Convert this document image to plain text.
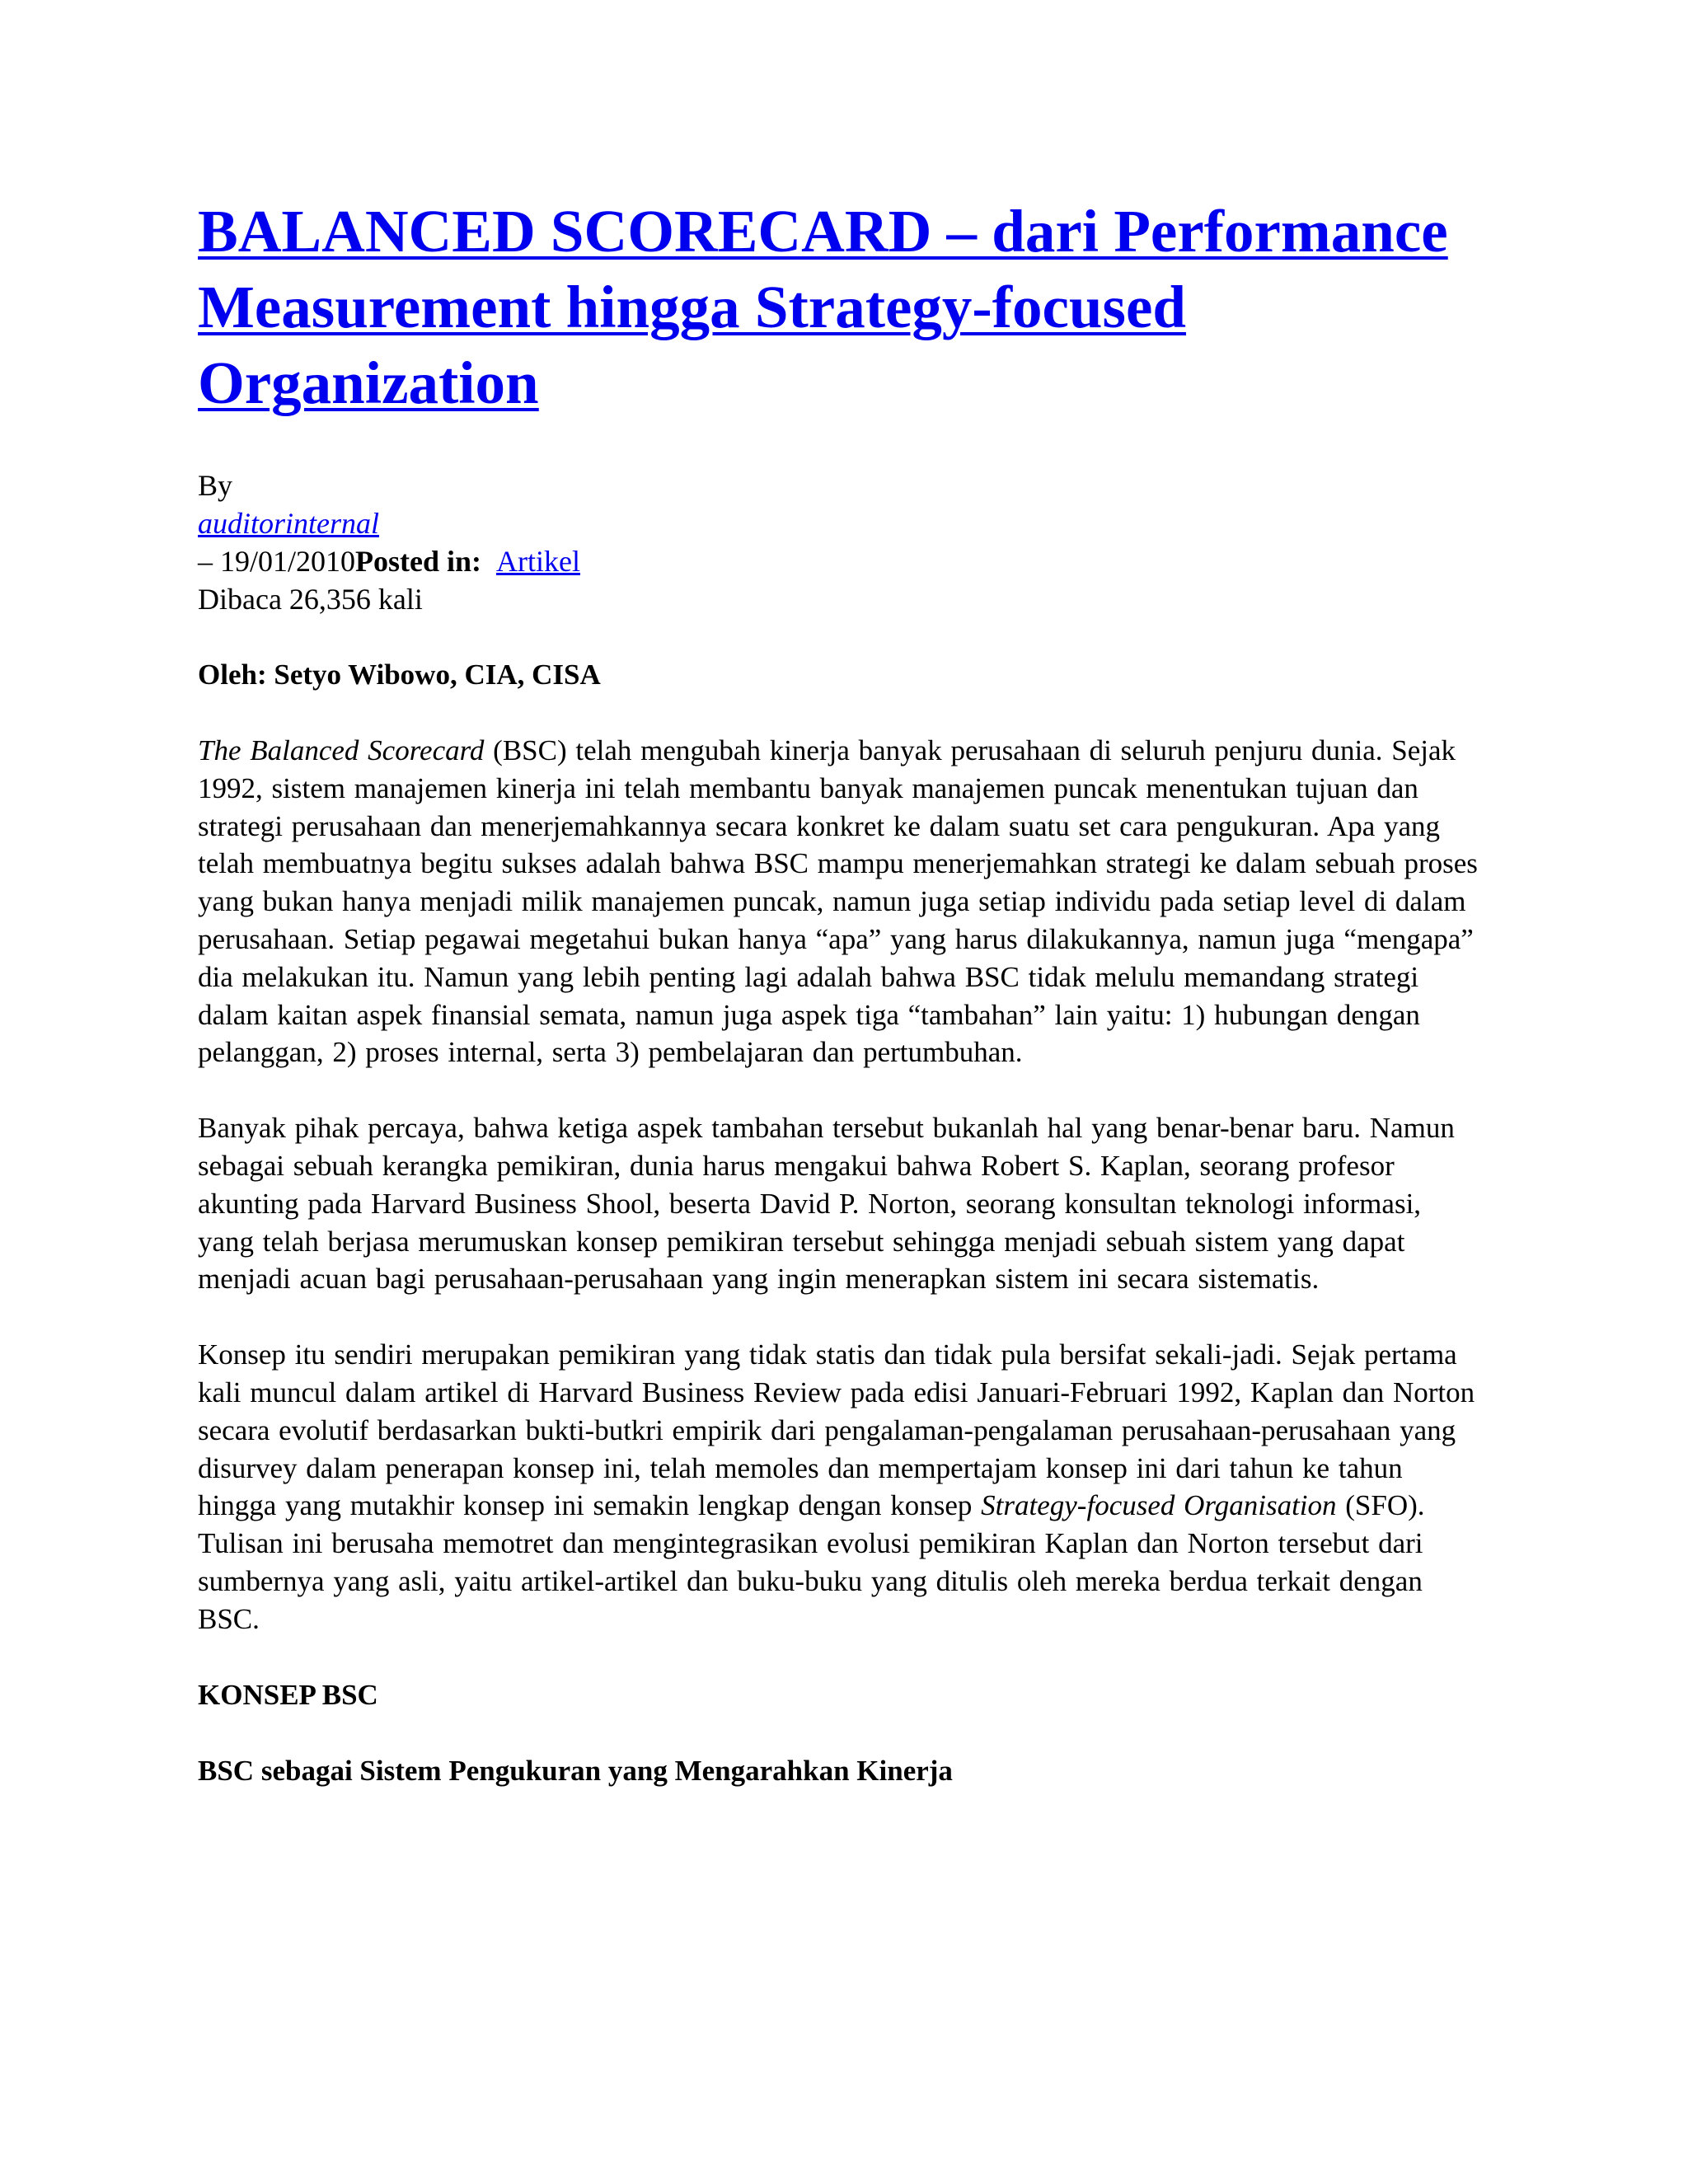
BALANCED SCORECARD – dari Performance Measurement hingga Strategy-focused Organization
By
auditorinternal
– 19/01/2010Posted in: Artikel
Dibaca 26,356 kali
Oleh: Setyo Wibowo, CIA, CISA

The Balanced Scorecard (BSC) telah mengubah kinerja banyak perusahaan di seluruh penjuru dunia. Sejak 1992, sistem manajemen kinerja ini telah membantu banyak manajemen puncak menentukan tujuan dan strategi perusahaan dan menerjemahkannya secara konkret ke dalam suatu set cara pengukuran. Apa yang telah membuatnya begitu sukses adalah bahwa BSC mampu menerjemahkan strategi ke dalam sebuah proses yang bukan hanya menjadi milik manajemen puncak, namun juga setiap individu pada setiap level di dalam perusahaan. Setiap pegawai megetahui bukan hanya “apa” yang harus dilakukannya, namun juga “mengapa” dia melakukan itu. Namun yang lebih penting lagi adalah bahwa BSC tidak melulu memandang strategi dalam kaitan aspek finansial semata, namun juga aspek tiga “tambahan” lain yaitu: 1) hubungan dengan pelanggan, 2) proses internal, serta 3) pembelajaran dan pertumbuhan.

Banyak pihak percaya, bahwa ketiga aspek tambahan tersebut bukanlah hal yang benar-benar baru. Namun sebagai sebuah kerangka pemikiran, dunia harus mengakui bahwa Robert S. Kaplan, seorang profesor akunting pada Harvard Business Shool, beserta David P. Norton, seorang konsultan teknologi informasi, yang telah berjasa merumuskan konsep pemikiran tersebut sehingga menjadi sebuah sistem yang dapat menjadi acuan bagi perusahaan-perusahaan yang ingin menerapkan sistem ini secara sistematis.

Konsep itu sendiri merupakan pemikiran yang tidak statis dan tidak pula bersifat sekali-jadi. Sejak pertama kali muncul dalam artikel di Harvard Business Review pada edisi Januari-Februari 1992, Kaplan dan Norton secara evolutif berdasarkan bukti-butkri empirik dari pengalaman-pengalaman perusahaan-perusahaan yang disurvey dalam penerapan konsep ini, telah memoles dan mempertajam konsep ini dari tahun ke tahun hingga yang mutakhir konsep ini semakin lengkap dengan konsep Strategy-focused Organisation (SFO). Tulisan ini berusaha memotret dan mengintegrasikan evolusi pemikiran Kaplan dan Norton tersebut dari sumbernya yang asli, yaitu artikel-artikel dan buku-buku yang ditulis oleh mereka berdua terkait dengan BSC.

KONSEP BSC
BSC sebagai Sistem Pengukuran yang Mengarahkan Kinerja
